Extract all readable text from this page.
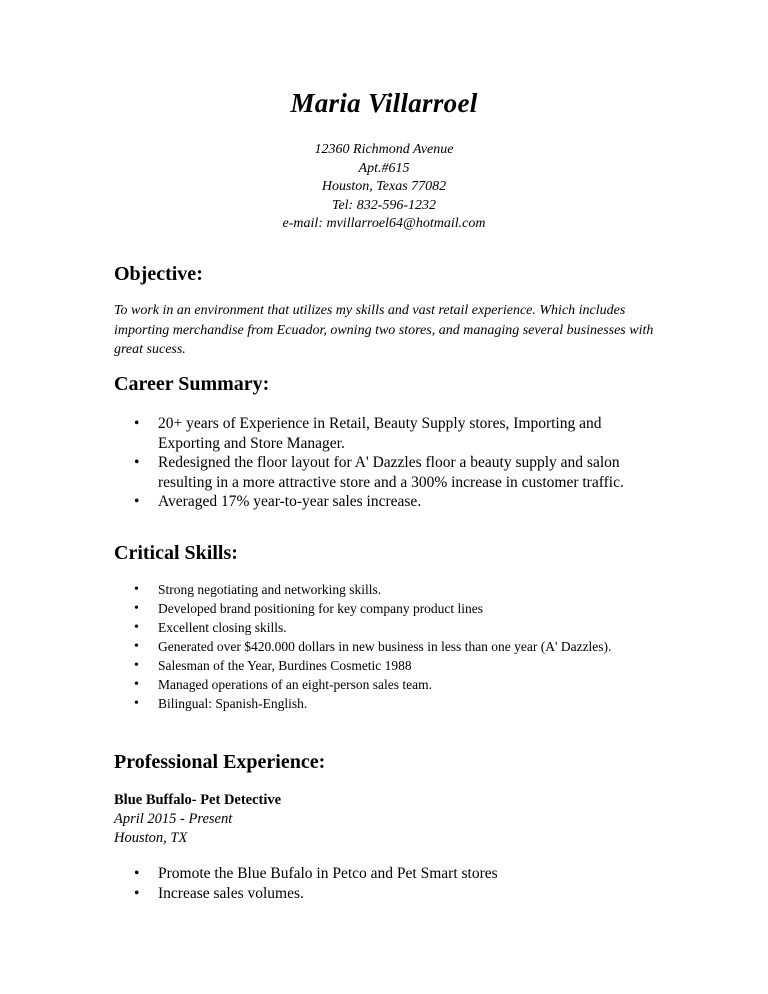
Maria Villarroel
12360 Richmond Avenue
Apt.#615
Houston, Texas 77082
Tel: 832-596-1232
e-mail: mvillarroel64@hotmail.com
Objective:
To work in an environment that utilizes my skills and vast retail experience. Which includes importing merchandise from Ecuador, owning two stores, and managing several businesses with great sucess.
Career Summary:
• 20+ years of Experience in Retail, Beauty Supply stores, Importing and Exporting and Store Manager.
• Redesigned the floor layout for A' Dazzles floor a beauty supply and salon resulting in a more attractive store and a 300% increase in customer traffic.
• Averaged 17% year-to-year sales increase.
Critical Skills:
• Strong negotiating and networking skills.
• Developed brand positioning for key company product lines
• Excellent closing skills.
• Generated over $420.000 dollars in new business in less than one year (A' Dazzles).
• Salesman of the Year, Burdines Cosmetic 1988
• Managed operations of an eight-person sales team.
• Bilingual: Spanish-English.
Professional Experience:
Blue Buffalo- Pet Detective
April 2015 - Present
Houston, TX
• Promote the Blue Bufalo in Petco and Pet Smart stores
• Increase sales volumes.
